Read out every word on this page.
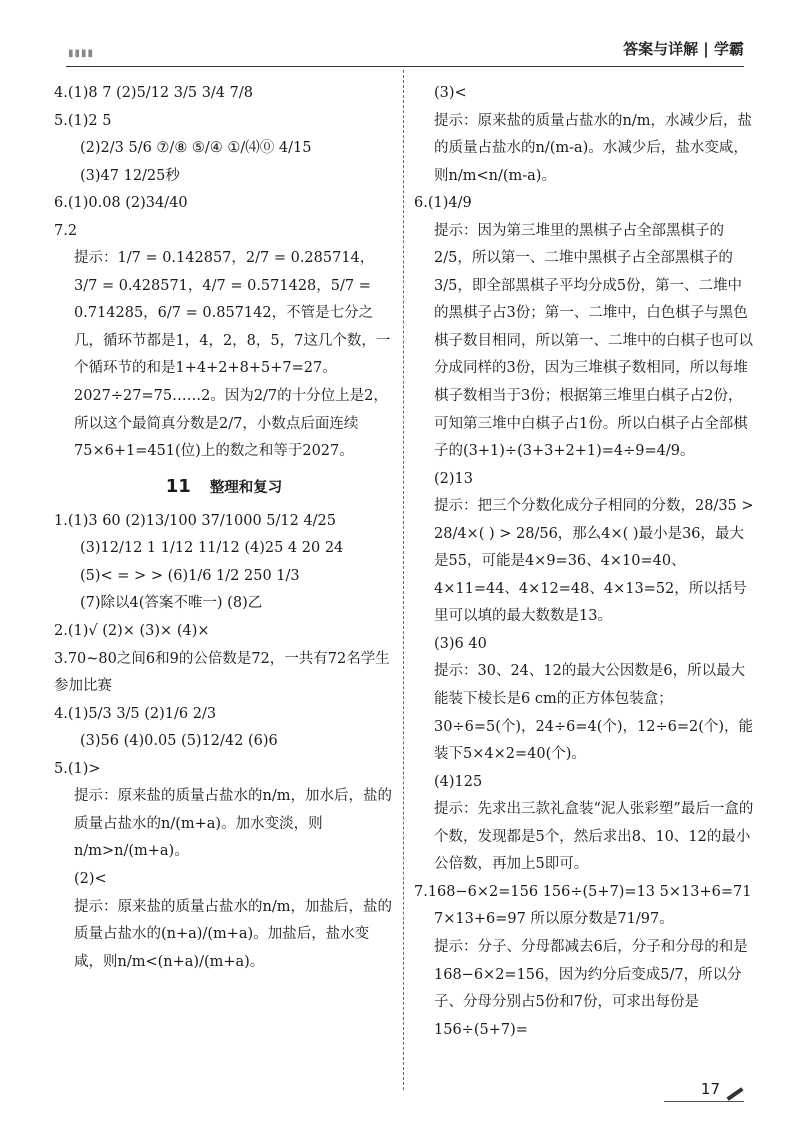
▮▮▮▮	答案与详解 | 学霸
4.(1)8 7 (2)5/12 3/5 3/4 7/8
5.(1)2 5
(2)2/3 5/6 ⑦/⑧ ⑤/④ ①/⑷⓪ 4/15
(3)47 12/25秒
6.(1)0.08 (2)34/40
7.2
提示：1/7 = 0.142857，2/7 = 0.285714，3/7 = 0.428571，4/7 = 0.571428，5/7 = 0.714285，6/7 = 0.857142，不管是七分之几，循环节都是1，4，2，8，5，7这几个数，一个循环节的和是1+4+2+8+5+7=27。2027÷27=75……2。因为2/7的十分位上是2，所以这个最简真分数是2/7，小数点后面连续75×6+1=451(位)上的数之和等于2027。
11 整理和复习
1.(1)3 60 (2)13/100 37/1000 5/12 4/25
(3)12/12 1 1/12 11/12 (4)25 4 20 24
(5)< = > > (6)1/6 1/2 250 1/3
(7)除以4(答案不唯一) (8)乙
2.(1)√ (2)× (3)× (4)×
3.70~80之间6和9的公倍数是72，一共有72名学生参加比赛
4.(1)5/3 3/5 (2)1/6 2/3
(3)56 (4)0.05 (5)12/42 (6)6
5.(1)>
提示：原来盐的质量占盐水的n/m，加水后，盐的质量占盐水的n/(m+a)。加水变淡，则n/m>n/(m+a)。
(2)<
提示：原来盐的质量占盐水的n/m，加盐后，盐的质量占盐水的(n+a)/(m+a)。加盐后，盐水变咸，则n/m<(n+a)/(m+a)。
(3)<
提示：原来盐的质量占盐水的n/m，水减少后，盐的质量占盐水的n/(m-a)。水减少后，盐水变咸，则n/m<n/(m-a)。
6.(1)4/9
提示：因为第三堆里的黑棋子占全部黑棋子的2/5，所以第一、二堆中黑棋子占全部黑棋子的3/5，即全部黑棋子平均分成5份，第一、二堆中的黑棋子占3份；第一、二堆中，白色棋子与黑色棋子数目相同，所以第一、二堆中的白棋子也可以分成同样的3份，因为三堆棋子数相同，所以每堆棋子数相当于3份；根据第三堆里白棋子占2份，可知第三堆中白棋子占1份。所以白棋子占全部棋子的(3+1)÷(3+3+2+1)=4÷9=4/9。
(2)13
提示：把三个分数化成分子相同的分数，28/35 > 28/4×( ) > 28/56，那么4×( )最小是36，最大是55，可能是4×9=36、4×10=40、4×11=44、4×12=48、4×13=52，所以括号里可以填的最大数数是13。
(3)6 40
提示：30、24、12的最大公因数是6，所以最大能装下棱长是6 cm的正方体包装盒；30÷6=5(个)，24÷6=4(个)，12÷6=2(个)，能装下5×4×2=40(个)。
(4)125
提示：先求出三款礼盒装“泥人张彩塑”最后一盒的个数，发现都是5个，然后求出8、10、12的最小公倍数，再加上5即可。
7.168−6×2=156 156÷(5+7)=13 5×13+6=71
7×13+6=97 所以原分数是71/97。
提示：分子、分母都减去6后，分子和分母的和是168−6×2=156，因为约分后变成5/7，所以分子、分母分别占5份和7份，可求出每份是156÷(5+7)=
17
